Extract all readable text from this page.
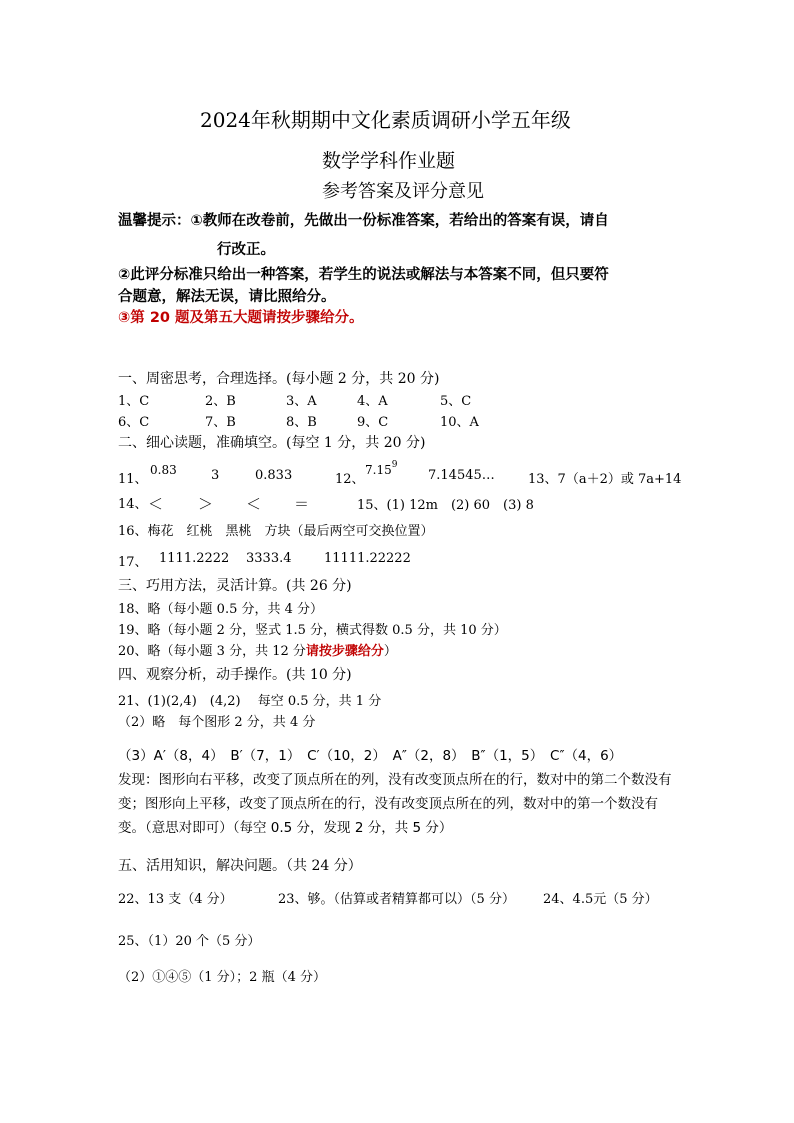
2024年秋期期中文化素质调研小学五年级
数学学科作业题
参考答案及评分意见
温馨提示：①教师在改卷前，先做出一份标准答案，若给出的答案有误，请自
行改正。
②此评分标准只给出一种答案，若学生的说法或解法与本答案不同，但只要符
合题意，解法无误，请比照给分。
③第 20 题及第五大题请按步骤给分。
一、周密思考，合理选择。(每小题 2 分，共 20 分)
1、C	2、B	3、A	4、A	5、C
6、C	7、B	8、B	9、C	10、A
二、细心读题，准确填空。(每空 1 分，共 20 分)
11、
0.83	3	0.833	12、
7.15$^9$
7.14545…	13、7（a＋2）或 7a+14
14、 ＜ ＞ ＜ ＝	15、(1) 12m　(2) 60　(3) 8
16、梅花　红桃　黑桃　方块（最后两空可交换位置）
17、 1111.2222 3333.4	11111.22222
三、巧用方法，灵活计算。(共 26 分)
18、略（每小题 0.5 分，共 4 分）
19、略（每小题 2 分，竖式 1.5 分，横式得数 0.5 分，共 10 分）
20、略（每小题 3 分，共 12 分请按步骤给分）
四、观察分析，动手操作。(共 10 分)
21、(1)(2,4)　(4,2)　 每空 0.5 分，共 1 分
（2）略　每个图形 2 分，共 4 分
（3）A′（8，4）　B′（7，1）　C′（10，2）　A″（2，8）　B″（1，5）　C″（4，6）
发现：图形向右平移，改变了顶点所在的列，没有改变顶点所在的行，数对中的第二个数没有变；图形向上平移，改变了顶点所在的行，没有改变顶点所在的列，数对中的第一个数没有变。（意思对即可）（每空 0.5 分，发现 2 分，共 5 分）
五、活用知识，解决问题。（共 24 分）
22、13 支（4 分）	23、够。（估算或者精算都可以）（5 分） 24、4.5元（5 分）
25、（1）20 个（5 分）
（2）①④⑤（1 分）；2 瓶（4 分）
